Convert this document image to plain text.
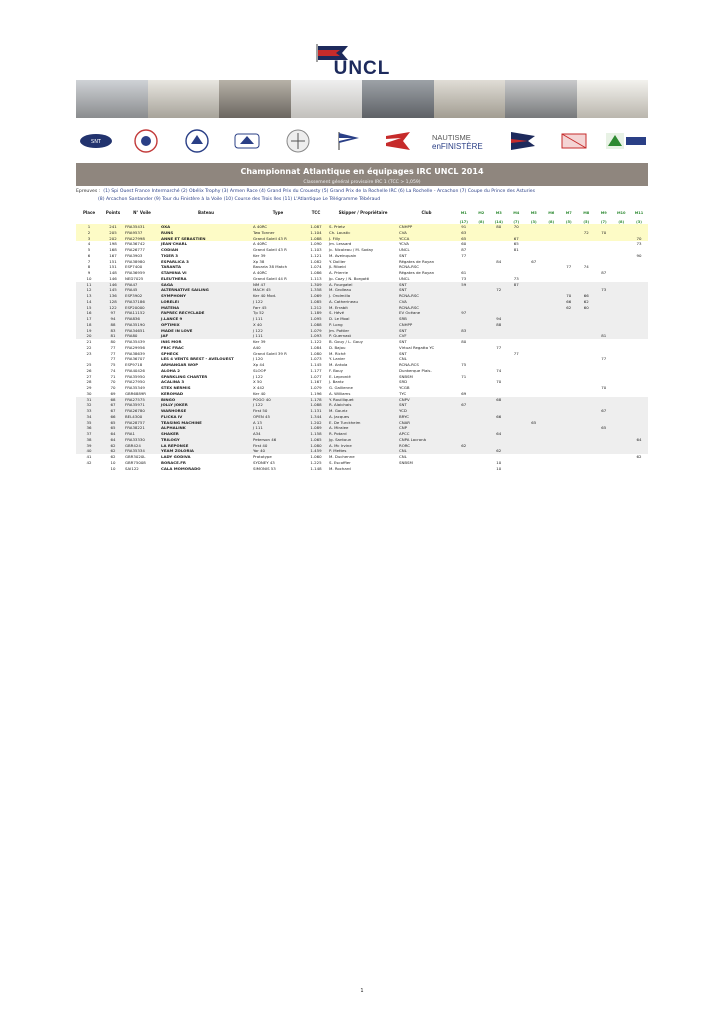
UNCL
SNT	NAUTISME
enFINISTÈRE
Championnat Atlantique en équipages IRC UNCL 2014
Classement général provisoire IRC 1 (TCC > 1,059)
Epreuves : (1) Spi Ouest France Intermarché (2) Obélix Trophy (3) Armen Race (4) Grand Prix du Crouesty (5) Grand Prix de la Rochelle IRC (6) La Rochelle - Arcachon (7) Coupe du Prince des Asturies
(8) Arcachon Santander (9) Tour du Finistère à la Voile (10) Course des Trois Iles (11) L'Atlantique Le Télégramme Tébéraud
Place	Points	N° Voile	Bateau	Type	TCC	Skipper / Propriétaire	Club	M1	M2	M3	M4	M5	M6	M7	M8	M9	M10	M11
								(17)	(8)	(14)	(7)	(3)	(8)	(5)	(5)	(7)	(8)	(3)
1	241	FRA35431	OXA	A 40RC	1.087	S. Prietz	CNHPP	91		80	70							
2	205	FRA9537	RUNS	Two Tonner	1.104	Ch. Loustic	CVA	63							72	70		
3	202	FRA27998	ANNE ET SEBASTIEN	Grand Soleil 43 R	1.088	J. Filly	YCCA	65			67							70
4	198	FRA36742	JEAN'CHARL	A 40RC	1.090	Jm. Lessard	YCVA	60			65							73
5	168	FRA26777	CODIAN	Grand Soleil 43 R	1.103	Jc. Nicoleau / M. Soday	UNCL	87			81							
6	167	FRA3903	TIGER 3	Ker 39	1.121	M. Aveinquain	SNT	77										90
7	151	FRA38980	ESPARLICA 3	Xp 38	1.082	Y. Dollier	Régates de Royan			84		67						
8	151	ESP7400	TARANTA	Bavaria 38 Match	1.074	JL Ribeid	RCNA-RSC							77	74			
9	148	FRA36959	STAMINA VI	A 40RC	1.086	A. Prierrie	Régates de Royan	61								87		
10	146	NED7025	ELEUTHERA	Grand Soleil 44 R	1.113	Jp. Cozy / N. Borgotti	UNCL	73			73							
11	146	FRA47	SAGA	NM 47	1.309	A. Fourgatel	SNT	59			87							
12	145	FRA45	ALTERNATIVE SAILING	MACH 45	1.358	M. Grolleau	SNT			72						73		
13	136	ESP3902	SYMPHONY	Ker 40 Mod.	1.069	J. Orolmilla	RCNA-RSC							70	66			
14	128	FRA37186	LORELEI	J 122	1.085	A. Catherineau	CVA							66	62			
15	122	ESP20000	MATENA	Farr 45	1.212	M. Errabit	RCNA-RSC							62	60			
16	97	FRA11152	FAPREC RECYCLADE	Tp 52	1.189	S. Hévé	EV Océane	97										
17	94	FRA836	J.LANCE 9	J 111	1.095	D. Le Moal	SRB			94								
18	88	FRA35190	OPTIMIX	X 40	1.088	P. Long	CNHPP			88								
19	83	FRA34651	MADE IN LOVE	J 122	1.079	Jm. Pottier	SNT	83										
20	81	FRA80	JAF	J 111	1.093	P. Guernast	CVF									81		
21	80	FRA35439	INIS MOR	Ker 39	1.122	B. Gouy / L. Gouy	SNT	80										
22	77	FRA29956	FRIC FRAC	A40	1.084	D. Bajou	Virtual Regatta YC			77								
23	77	FRA38639	SPHECK	Grand Soleil 39 R	1.080	M. Riché	SNT				77							
	77	FRA36707	LES 4 VENTS BREST - AVELOUEST	J 120	1.073	Y. Lanier	CNL									77		
25	75	ESP9718	ARMANGAR WOP	Xp 44	1.145	M. Antola	RCNA-RCS	75										
26	74	FRA40426	ALOHA 2	SLOOP	1.177	F. Bouy	Dunkerque Plais.			74								
27	71	FRA35950	SPARKLING CHARTER	J 122	1.077	E. Lepronié	SNBSM	71										
28	70	FRA27950	ACALINA 3	X 50	1.167	J. Bantz	SRD			70								
29	70	FRA35349	STEX NERMIS	X 442	1.079	G. Gallienne	YCGB									70		
30	69	GBR6889R	KEROMAD	Ker 40	1.196	A. Williams	TYC	69										
31	68	FRA27575	BINGO	POGO 40	1.178	Y. Rouilliquet	CNPV			68								
32	67	FRA35971	JOLLY JOKER	J 122	1.088	R. Alaichais	SNT	67										
33	67	FRA26780	WARHORSE	First 50	1.131	M. Gouriz	YCD									67		
34	66	BEL4300	FLICKA IV	OPEN 45	1.344	A. Jacques	BRYC			66								
35	65	FRA28757	TEASING MACHINE	A 13	1.202	E. De Turckheim	CNAR					65						
36	65	FRA38221	ALPHALINK	J 111	1.089	A. Miralee	CNP									65		
37	64	FRA1	SHAKER	A34	1.158	R. Potard	APCC			64								
38	64	FRA33330	TRILOGY	Peterson 46	1.065	Jg. Santoun	CNPA Locronà											64
39	62	GBR424	LA REPONSE	First 40	1.080	A. Mc Irvine	RORC	62										
40	62	FRA35334	YEAM ZOLORIA	Yor 40	1.459	P. Mettes	CNL			62								
41	62	GBR3020L	LADY GODIVA	Prototype	1.060	M. Duchenne	CNL											62
42	10	GBR75008	BORACE.FR	SYDNEY 43	1.225	S. Escoffier	SNBSM			10								
	10	SAI122	CALA MOMORADO	SIMONIS 53	1.148	M. Rochard				10								
1
